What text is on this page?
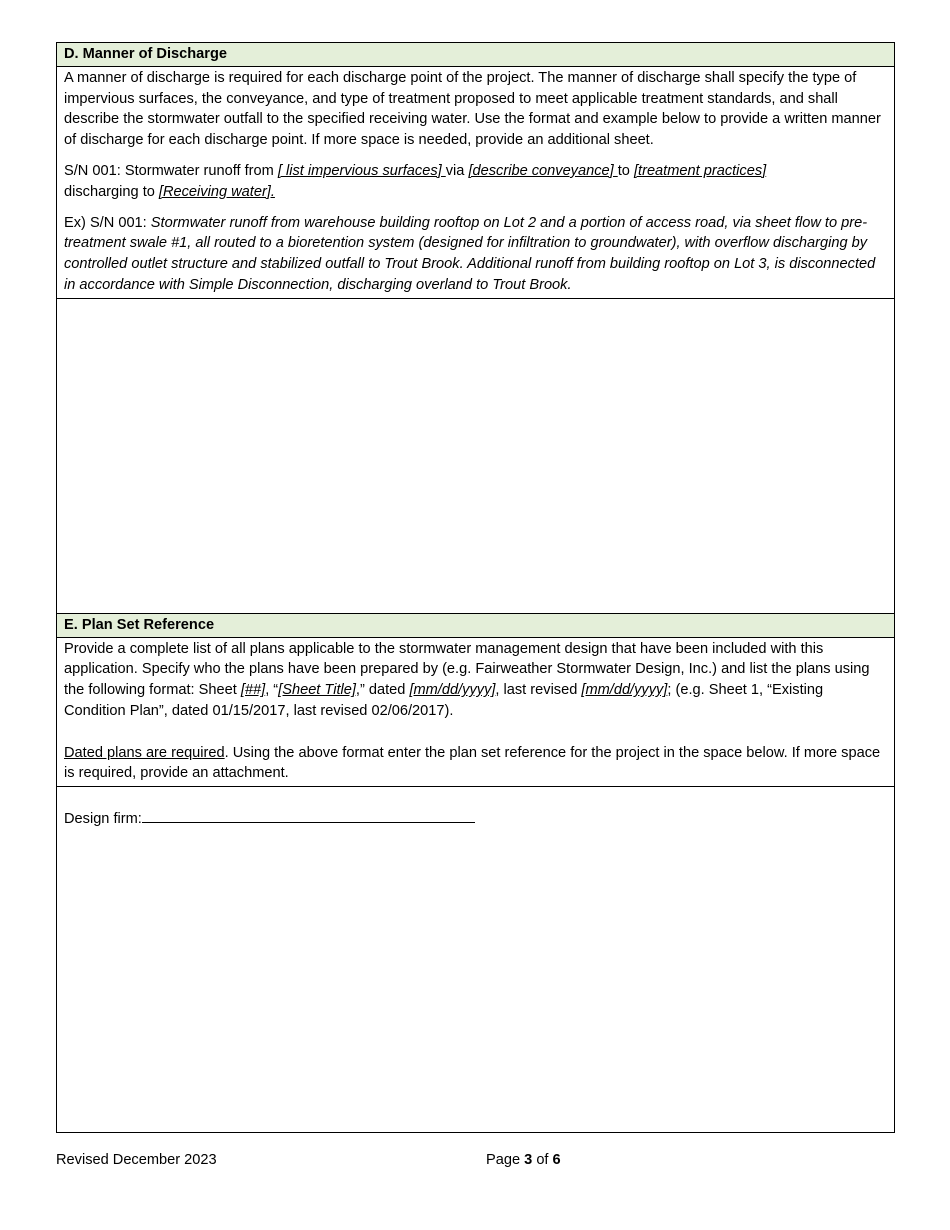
D. Manner of Discharge

A manner of discharge is required for each discharge point of the project. The manner of discharge shall specify the type of impervious surfaces, the conveyance, and type of treatment proposed to meet applicable treatment standards, and shall describe the stormwater outfall to the specified receiving water. Use the format and example below to provide a written manner of discharge for each discharge point. If more space is needed, provide an additional sheet.

S/N 001: Stormwater runoff from [ list impervious surfaces] via [describe conveyance] to [treatment practices]
discharging to [Receiving water].

Ex) S/N 001: Stormwater runoff from warehouse building rooftop on Lot 2 and a portion of access road, via sheet flow to pre-treatment swale #1, all routed to a bioretention system (designed for infiltration to groundwater), with overflow discharging by controlled outlet structure and stabilized outfall to Trout Brook. Additional runoff from building rooftop on Lot 3, is disconnected in accordance with Simple Disconnection, discharging overland to Trout Brook.

E. Plan Set Reference

Provide a complete list of all plans applicable to the stormwater management design that have been included with this application. Specify who the plans have been prepared by (e.g. Fairweather Stormwater Design, Inc.) and list the plans using the following format: Sheet [##], “[Sheet Title],” dated [mm/dd/yyyy], last revised [mm/dd/yyyy]; (e.g. Sheet 1, “Existing Condition Plan”, dated 01/15/2017, last revised 02/06/2017).

Dated plans are required. Using the above format enter the plan set reference for the project in the space below. If more space is required, provide an attachment.

Design firm:
Revised December 2023	Page 3 of 6
